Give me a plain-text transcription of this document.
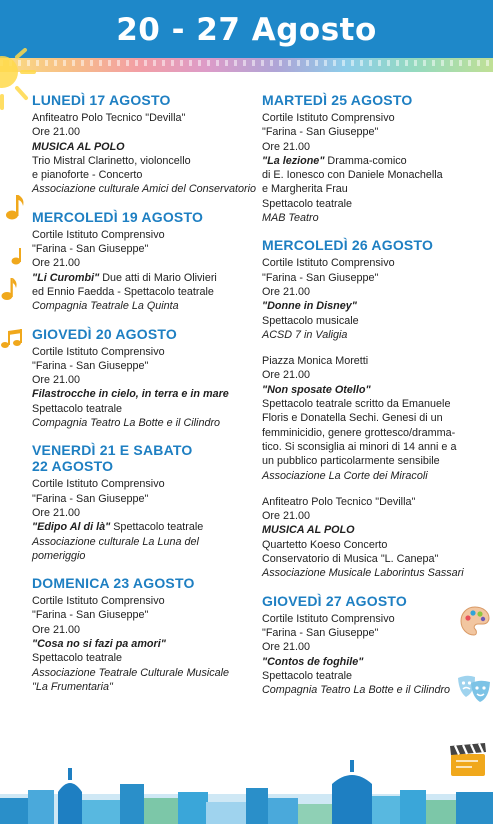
20 - 27 Agosto
LUNEDÌ 17 AGOSTO
Anfiteatro Polo Tecnico "Devilla"
Ore 21.00
MUSICA AL POLO
Trio Mistral Clarinetto, violoncello
e pianoforte - Concerto
Associazione culturale Amici del Conservatorio
MERCOLEDÌ 19 AGOSTO
Cortile Istituto Comprensivo
"Farina - San Giuseppe"
Ore 21.00
"Li Curombi" Due atti di Mario Olivieri
ed Ennio Faedda - Spettacolo teatrale
Compagnia Teatrale La Quinta
GIOVEDÌ 20 AGOSTO
Cortile Istituto Comprensivo
"Farina - San Giuseppe"
Ore 21.00
Filastrocche in cielo, in terra e in mare
Spettacolo teatrale
Compagnia Teatro La Botte e il Cilindro
VENERDÌ 21 E SABATO
22 AGOSTO
Cortile Istituto Comprensivo
"Farina - San Giuseppe"
Ore 21.00
"Edipo Al di là" Spettacolo teatrale
Associazione culturale La Luna del
pomeriggio
DOMENICA 23 AGOSTO
Cortile Istituto Comprensivo
"Farina - San Giuseppe"
Ore 21.00
"Cosa no si fazi pa amori"
Spettacolo teatrale
Associazione Teatrale Culturale Musicale
"La Frumentaria"
MARTEDÌ 25 AGOSTO
Cortile Istituto Comprensivo
"Farina - San Giuseppe"
Ore 21.00
"La lezione" Dramma-comico
di E. Ionesco con Daniele Monachella
e Margherita Frau
Spettacolo teatrale
MAB Teatro
MERCOLEDÌ 26 AGOSTO
Cortile Istituto Comprensivo
"Farina - San Giuseppe"
Ore 21.00
"Donne in Disney"
Spettacolo musicale
ACSD 7 in Valigia
Piazza Monica Moretti
Ore 21.00
"Non sposate Otello"
Spettacolo teatrale scritto da Emanuele
Floris e Donatella Sechi. Genesi di un
femminicidio, genere grottesco/dramma-
tico. Si sconsiglia ai minori di 14 anni e a
un pubblico particolarmente sensibile
Associazione La Corte dei Miracoli
Anfiteatro Polo Tecnico "Devilla"
Ore 21.00
MUSICA AL POLO
Quartetto Koeso Concerto
Conservatorio di Musica "L. Canepa"
Associazione Musicale Laborintus Sassari
GIOVEDÌ 27 AGOSTO
Cortile Istituto Comprensivo
"Farina - San Giuseppe"
Ore 21.00
"Contos de foghile"
Spettacolo teatrale
Compagnia Teatro La Botte e il Cilindro
